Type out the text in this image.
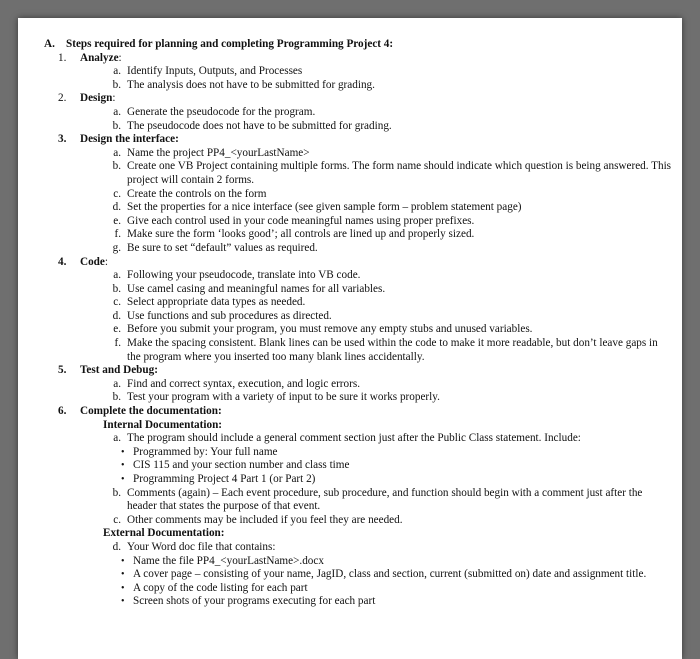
A. Steps required for planning and completing Programming Project 4:
1.	Analyze :
a. Identify Inputs, Outputs, and Processes
b. The analysis does not have to be submitted for grading.
2.	Design :
a. Generate the pseudocode for the program.
b. The pseudocode does not have to be submitted for grading.
3.	Design the interface:
a. Name the project PP4_<yourLastName>
b. Create one VB Project containing multiple forms. The form name should indicate which question is being answered. This project will contain 2 forms.
c. Create the controls on the form
d. Set the properties for a nice interface (see given sample form – problem statement page)
e. Give each control used in your code meaningful names using proper prefixes.
f. Make sure the form ‘looks good’; all controls are lined up and properly sized.
g. Be sure to set “default” values as required.
4.	Code :
a. Following your pseudocode, translate into VB code.
b. Use camel casing and meaningful names for all variables.
c. Select appropriate data types as needed.
d. Use functions and sub procedures as directed.
e. Before you submit your program, you must remove any empty stubs and unused variables.
f. Make the spacing consistent. Blank lines can be used within the code to make it more readable, but don’t leave gaps in the program where you inserted too many blank lines accidentally.
5.	Test and Debug:
a. Find and correct syntax, execution, and logic errors.
b. Test your program with a variety of input to be sure it works properly.
6.	Complete the documentation:
Internal Documentation:
a. The program should include a general comment section just after the Public Class statement. Include:
• Programmed by: Your full name
• CIS 115 and your section number and class time
• Programming Project 4 Part 1 (or Part 2)
b. Comments (again) – Each event procedure, sub procedure, and function should begin with a comment just after the header that states the purpose of that event.
c. Other comments may be included if you feel they are needed.
External Documentation:
d. Your Word doc file that contains:
• Name the file PP4_<yourLastName>.docx
• A cover page – consisting of your name, JagID, class and section, current (submitted on) date and assignment title.
• A copy of the code listing for each part
• Screen shots of your programs executing for each part
